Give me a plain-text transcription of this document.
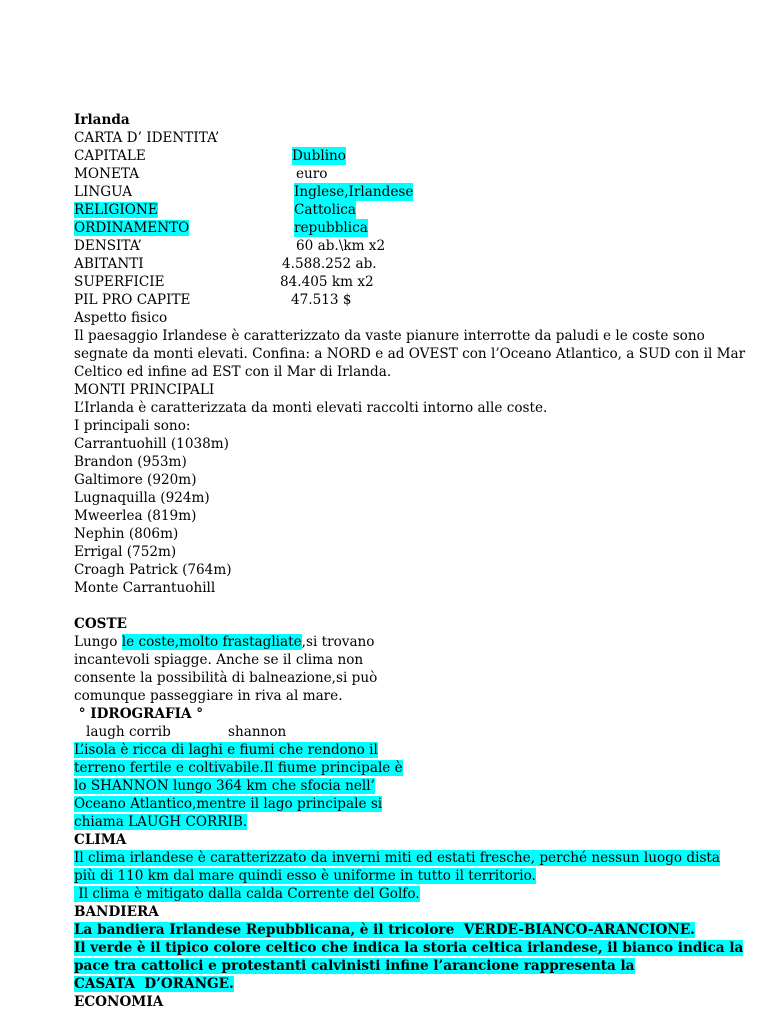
Irlanda
CARTA D’ IDENTITA’
CAPITALE	Dublino
MONETA	euro
LINGUA	Inglese,Irlandese
RELIGIONE	Cattolica
ORDINAMENTO	repubblica
DENSITA’	60 ab.\km x2
ABITANTI	4.588.252 ab.
SUPERFICIE	84.405 km x2
PIL PRO CAPITE	47.513 $
Aspetto fisico
Il paesaggio Irlandese è caratterizzato da vaste pianure interrotte da paludi e le coste sono
segnate da monti elevati. Confina: a NORD e ad OVEST con l’Oceano Atlantico, a SUD con il Mar
Celtico ed infine ad EST con il Mar di Irlanda.
MONTI PRINCIPALI
L’Irlanda è caratterizzata da monti elevati raccolti intorno alle coste.
I principali sono:
Carrantuohill (1038m)
Brandon (953m)
Galtimore (920m)
Lugnaquilla (924m)
Mweerlea (819m)
Nephin (806m)
Errigal (752m)
Croagh Patrick (764m)
Monte Carrantuohill
COSTE
Lungo le coste,molto frastagliate,si trovano
incantevoli spiagge. Anche se il clima non
consente la possibilità di balneazione,si può
comunque passeggiare in riva al mare.
° IDROGRAFIA °
laugh corrib	shannon
L’isola è ricca di laghi e fiumi che rendono il
terreno fertile e coltivabile.Il fiume principale è
lo SHANNON lungo 364 km che sfocia nell’
Oceano Atlantico,mentre il lago principale si
chiama LAUGH CORRIB.
CLIMA
Il clima irlandese è caratterizzato da inverni miti ed estati fresche, perché nessun luogo dista
più di 110 km dal mare quindi esso è uniforme in tutto il territorio.
Il clima è mitigato dalla calda Corrente del Golfo.
BANDIERA
La bandiera Irlandese Repubblicana, è il tricolore  VERDE-BIANCO-ARANCIONE.
Il verde è il tipico colore celtico che indica la storia celtica irlandese, il bianco indica la
pace tra cattolici e protestanti calvinisti infine l’arancione rappresenta la
CASATA  D’ORANGE.
ECONOMIA
